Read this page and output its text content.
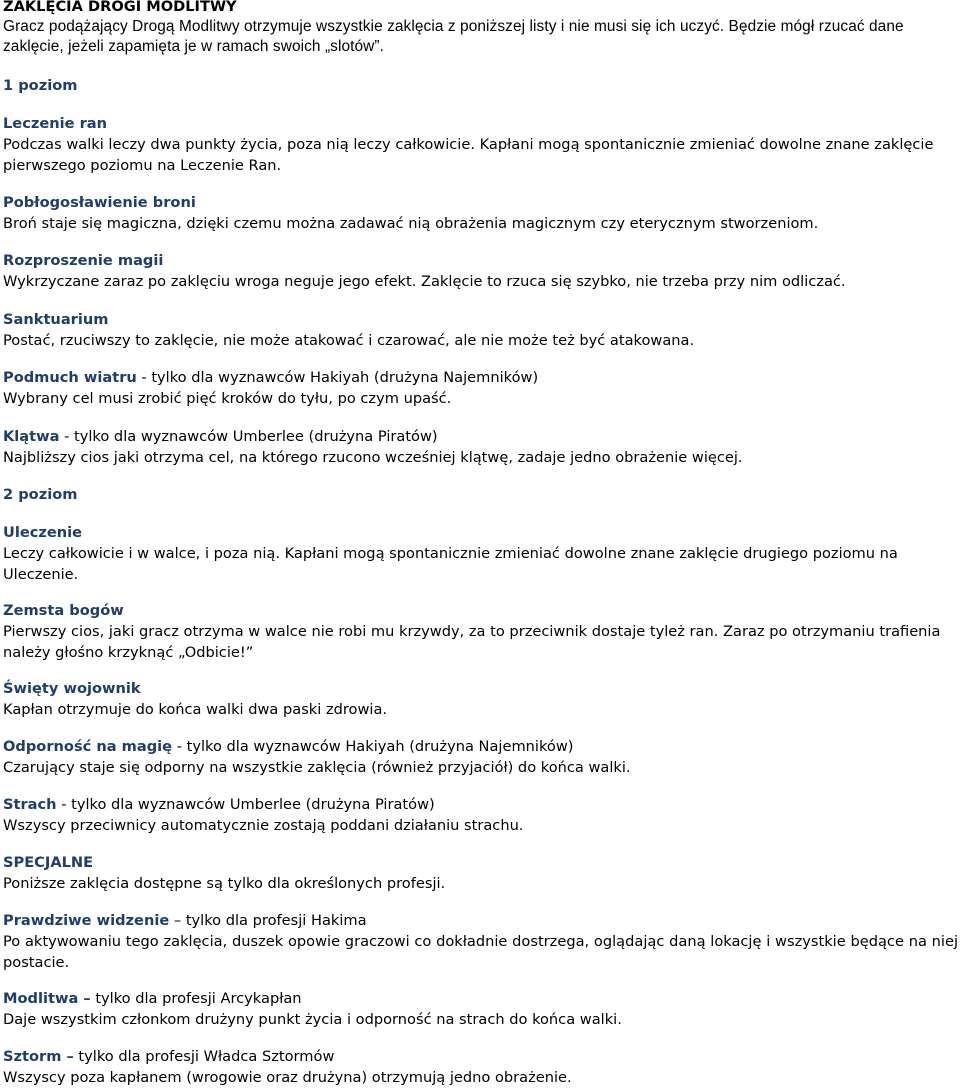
ZAKLĘCIA DROGI MODLITWY
Gracz podążający Drogą Modlitwy otrzymuje wszystkie zaklęcia z poniższej listy i nie musi się ich uczyć. Będzie mógł rzucać dane zaklęcie, jeżeli zapamięta je w ramach swoich „slotów”.
1 poziom
Leczenie ran
Podczas walki leczy dwa punkty życia, poza nią leczy całkowicie. Kapłani mogą spontanicznie zmieniać dowolne znane zaklęcie pierwszego poziomu na Leczenie Ran.
Pobłogosławienie broni
Broń staje się magiczna, dzięki czemu można zadawać nią obrażenia magicznym czy eterycznym stworzeniom.
Rozproszenie magii
Wykrzyczane zaraz po zaklęciu wroga neguje jego efekt. Zaklęcie to rzuca się szybko, nie trzeba przy nim odliczać.
Sanktuarium
Postać, rzuciwszy to zaklęcie, nie może atakować i czarować, ale nie może też być atakowana.
Podmuch wiatru - tylko dla wyznawców Hakiyah (drużyna Najemników)
Wybrany cel musi zrobić pięć kroków do tyłu, po czym upaść.
Klątwa - tylko dla wyznawców Umberlee (drużyna Piratów)
Najbliższy cios jaki otrzyma cel, na którego rzucono wcześniej klątwę, zadaje jedno obrażenie więcej.
2 poziom
Uleczenie
Leczy całkowicie i w walce, i poza nią. Kapłani mogą spontanicznie zmieniać dowolne znane zaklęcie drugiego poziomu na Uleczenie.
Zemsta bogów
Pierwszy cios, jaki gracz otrzyma w walce nie robi mu krzywdy, za to przeciwnik dostaje tyleż ran. Zaraz po otrzymaniu trafienia należy głośno krzyknąć „Odbicie!”
Święty wojownik
Kapłan otrzymuje do końca walki dwa paski zdrowia.
Odporność na magię - tylko dla wyznawców Hakiyah (drużyna Najemników)
Czarujący staje się odporny na wszystkie zaklęcia (również przyjaciół) do końca walki.
Strach - tylko dla wyznawców Umberlee (drużyna Piratów)
Wszyscy przeciwnicy automatycznie zostają poddani działaniu strachu.
SPECJALNE
Poniższe zaklęcia dostępne są tylko dla określonych profesji.
Prawdziwe widzenie – tylko dla profesji Hakima
Po aktywowaniu tego zaklęcia, duszek opowie graczowi co dokładnie dostrzega, oglądając daną lokację i wszystkie będące na niej postacie.
Modlitwa – tylko dla profesji Arcykapłan
Daje wszystkim członkom drużyny punkt życia i odporność na strach do końca walki.
Sztorm – tylko dla profesji Władca Sztormów
Wszyscy poza kapłanem (wrogowie oraz drużyna) otrzymują jedno obrażenie.
